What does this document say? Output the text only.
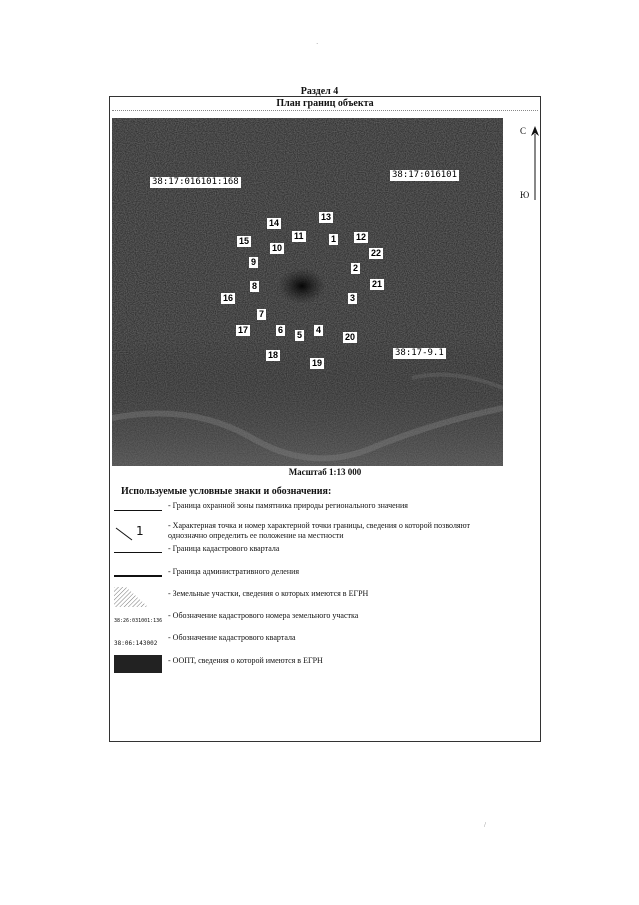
·
/
Раздел 4
План границ объекта
38:17:016101:168
38:17:016101
38:17-9.1
1
2
3
4
5
6
7
8
9
10
11	12
13
14
15
16
17
18
19
20
21
22
С
Ю
Масштаб 1:13 000
Используемые условные знаки и обозначения:
- Граница охранной зоны памятника природы регионального значения
1	- Характерная точка и номер характерной точки границы, сведения о которой позволяют однозначно определить ее положение на местности
- Граница кадастрового квартала
- Граница административного деления
- Земельные участки, сведения о которых имеются в ЕГРН
38:26:031001:136
- Обозначение кадастрового номера земельного участка
38:06:143002
- Обозначение кадастрового квартала
- ООПТ, сведения о которой имеются в ЕГРН
